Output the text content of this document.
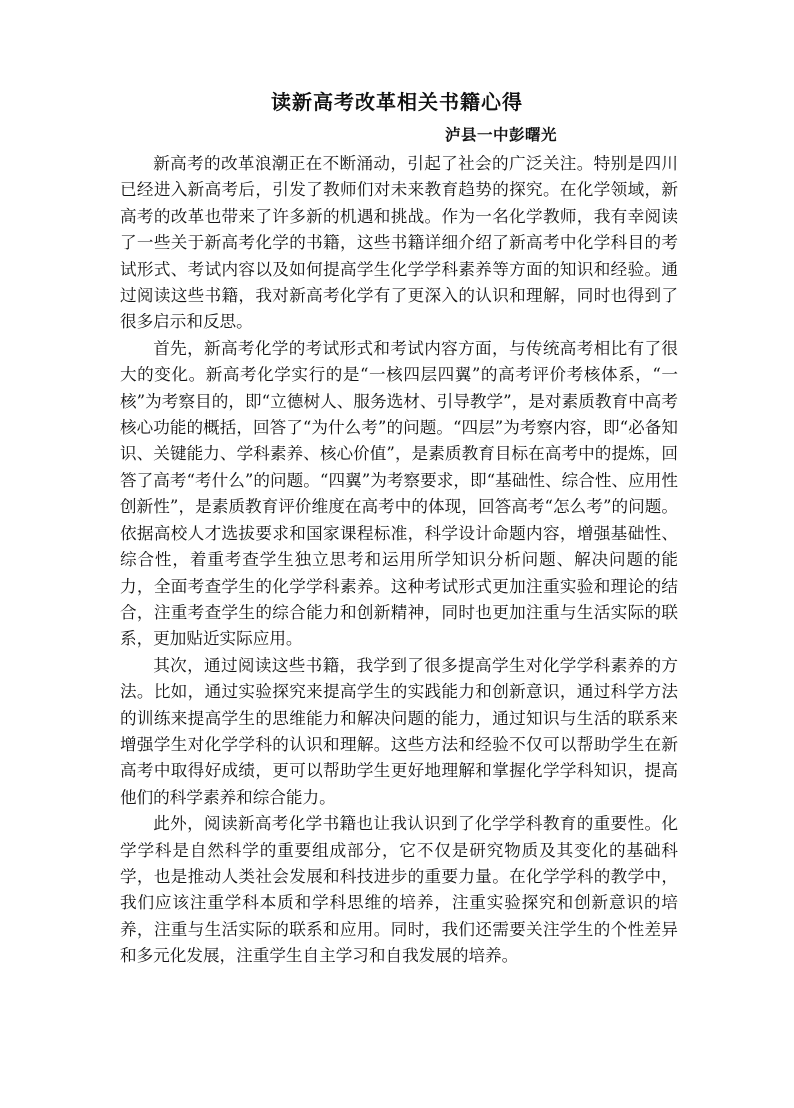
读新高考改革相关书籍心得
泸县一中彭曙光

新高考的改革浪潮正在不断涌动，引起了社会的广泛关注。特别是四川已经进入新高考后，引发了教师们对未来教育趋势的探究。在化学领域，新高考的改革也带来了许多新的机遇和挑战。作为一名化学教师，我有幸阅读了一些关于新高考化学的书籍，这些书籍详细介绍了新高考中化学科目的考试形式、考试内容以及如何提高学生化学学科素养等方面的知识和经验。通过阅读这些书籍，我对新高考化学有了更深入的认识和理解，同时也得到了很多启示和反思。

首先，新高考化学的考试形式和考试内容方面，与传统高考相比有了很大的变化。新高考化学实行的是“一核四层四翼”的高考评价考核体系，“一核”为考察目的，即“立德树人、服务选材、引导教学”，是对素质教育中高考核心功能的概括，回答了“为什么考”的问题。“四层”为考察内容，即“必备知识、关键能力、学科素养、核心价值”，是素质教育目标在高考中的提炼，回答了高考“考什么”的问题。“四翼”为考察要求，即“基础性、综合性、应用性创新性”，是素质教育评价维度在高考中的体现，回答高考“怎么考”的问题。依据高校人才选拔要求和国家课程标准，科学设计命题内容，增强基础性、综合性，着重考查学生独立思考和运用所学知识分析问题、解决问题的能力，全面考查学生的化学学科素养。这种考试形式更加注重实验和理论的结合，注重考查学生的综合能力和创新精神，同时也更加注重与生活实际的联系，更加贴近实际应用。

其次，通过阅读这些书籍，我学到了很多提高学生对化学学科素养的方法。比如，通过实验探究来提高学生的实践能力和创新意识，通过科学方法的训练来提高学生的思维能力和解决问题的能力，通过知识与生活的联系来增强学生对化学学科的认识和理解。这些方法和经验不仅可以帮助学生在新高考中取得好成绩，更可以帮助学生更好地理解和掌握化学学科知识，提高他们的科学素养和综合能力。

此外，阅读新高考化学书籍也让我认识到了化学学科教育的重要性。化学学科是自然科学的重要组成部分，它不仅是研究物质及其变化的基础科学，也是推动人类社会发展和科技进步的重要力量。在化学学科的教学中，我们应该注重学科本质和学科思维的培养，注重实验探究和创新意识的培养，注重与生活实际的联系和应用。同时，我们还需要关注学生的个性差异和多元化发展，注重学生自主学习和自我发展的培养。
